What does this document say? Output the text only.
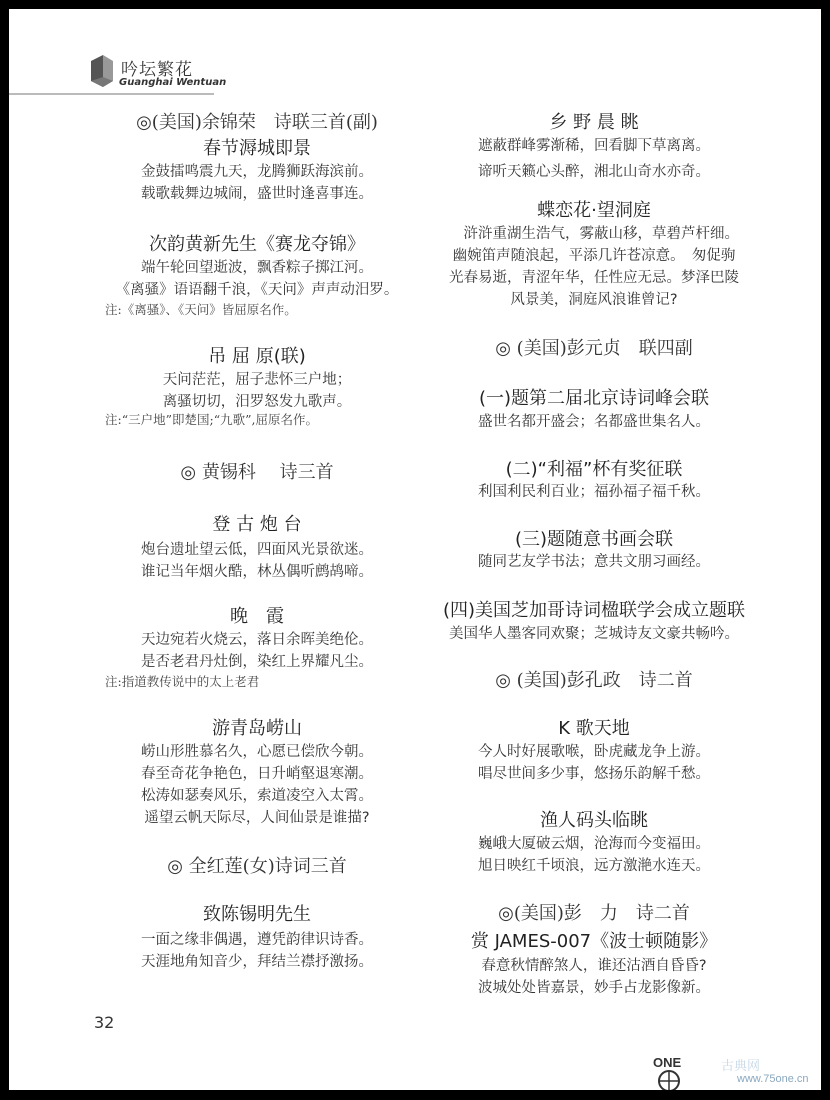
吟坛繁花
Guanghai Wentuan
◎(美国)余锦荣　诗联三首(副)
春节溽城即景
金鼓擂鸣震九天，龙腾狮跃海滨前。
载歌载舞边城闹，盛世时逢喜事连。
次韵黄新先生《赛龙夺锦》
端午轮回望逝波，飘香粽子掷江河。
《离骚》语语翻千浪，《天问》声声动汨罗。
注:《离骚》、《天问》皆屈原名作。
吊 屈 原(联)
天问茫茫，屈子悲怀三户地；
离骚切切，汨罗怒发九歌声。
注:“三户地”即楚国;“九歌”,屈原名作。
◎ 黄锡科　 诗三首
登 古 炮 台
炮台遗址望云低，四面风光景欲迷。
谁记当年烟火酷，林丛偶听鹧鸪啼。
晚　霞
天边宛若火烧云，落日余晖美绝伦。
是否老君丹灶倒，染红上界耀凡尘。
注:指道教传说中的太上老君
游青岛崂山
崂山形胜慕名久，心愿已偿欣今朝。
春至奇花争艳色，日升峭壑退寒潮。
松涛如瑟奏风乐，索道凌空入太霄。
遥望云帆天际尽，人间仙景是谁描?
◎ 全红莲(女)诗词三首
致陈锡明先生
一面之缘非偶遇，遵凭韵律识诗香。
天涯地角知音少，拜结兰襟抒激扬。
乡 野 晨 眺
遮蔽群峰雾渐稀，回看脚下草离离。
谛听天籁心头醉，湘北山奇水亦奇。
蝶恋花·望洞庭
　浒浒重湖生浩气，雾蔽山移，草碧芦杆细。
幽婉笛声随浪起，平添几许苍凉意。　匆促驹
光春易逝，青涩年华，任性应无忌。梦泽巴陵
风景美，洞庭风浪谁曾记?
◎ (美国)彭元贞　联四副
(一)题第二届北京诗词峰会联
盛世名都开盛会；名都盛世集名人。
(二)“利福”杯有奖征联
利国利民利百业；福孙福子福千秋。
(三)题随意书画会联
随同艺友学书法；意共文朋习画经。
(四)美国芝加哥诗词楹联学会成立题联
美国华人墨客同欢聚；芝城诗友文豪共畅吟。
◎ (美国)彭孔政　诗二首
K 歌天地
今人时好展歌喉，卧虎藏龙争上游。
唱尽世间多少事，悠扬乐韵解千愁。
渔人码头临眺
巍峨大厦破云烟，沧海而今变福田。
旭日映红千顷浪，远方激滟水连天。
◎(美国)彭　力　诗二首
赏 JAMES-007《波士顿随影》
春意秋情醉煞人，谁还沽酒自昏昏?
波城处处皆嘉景，妙手占龙影像新。
32
ONE	古典网
www.75one.cn
